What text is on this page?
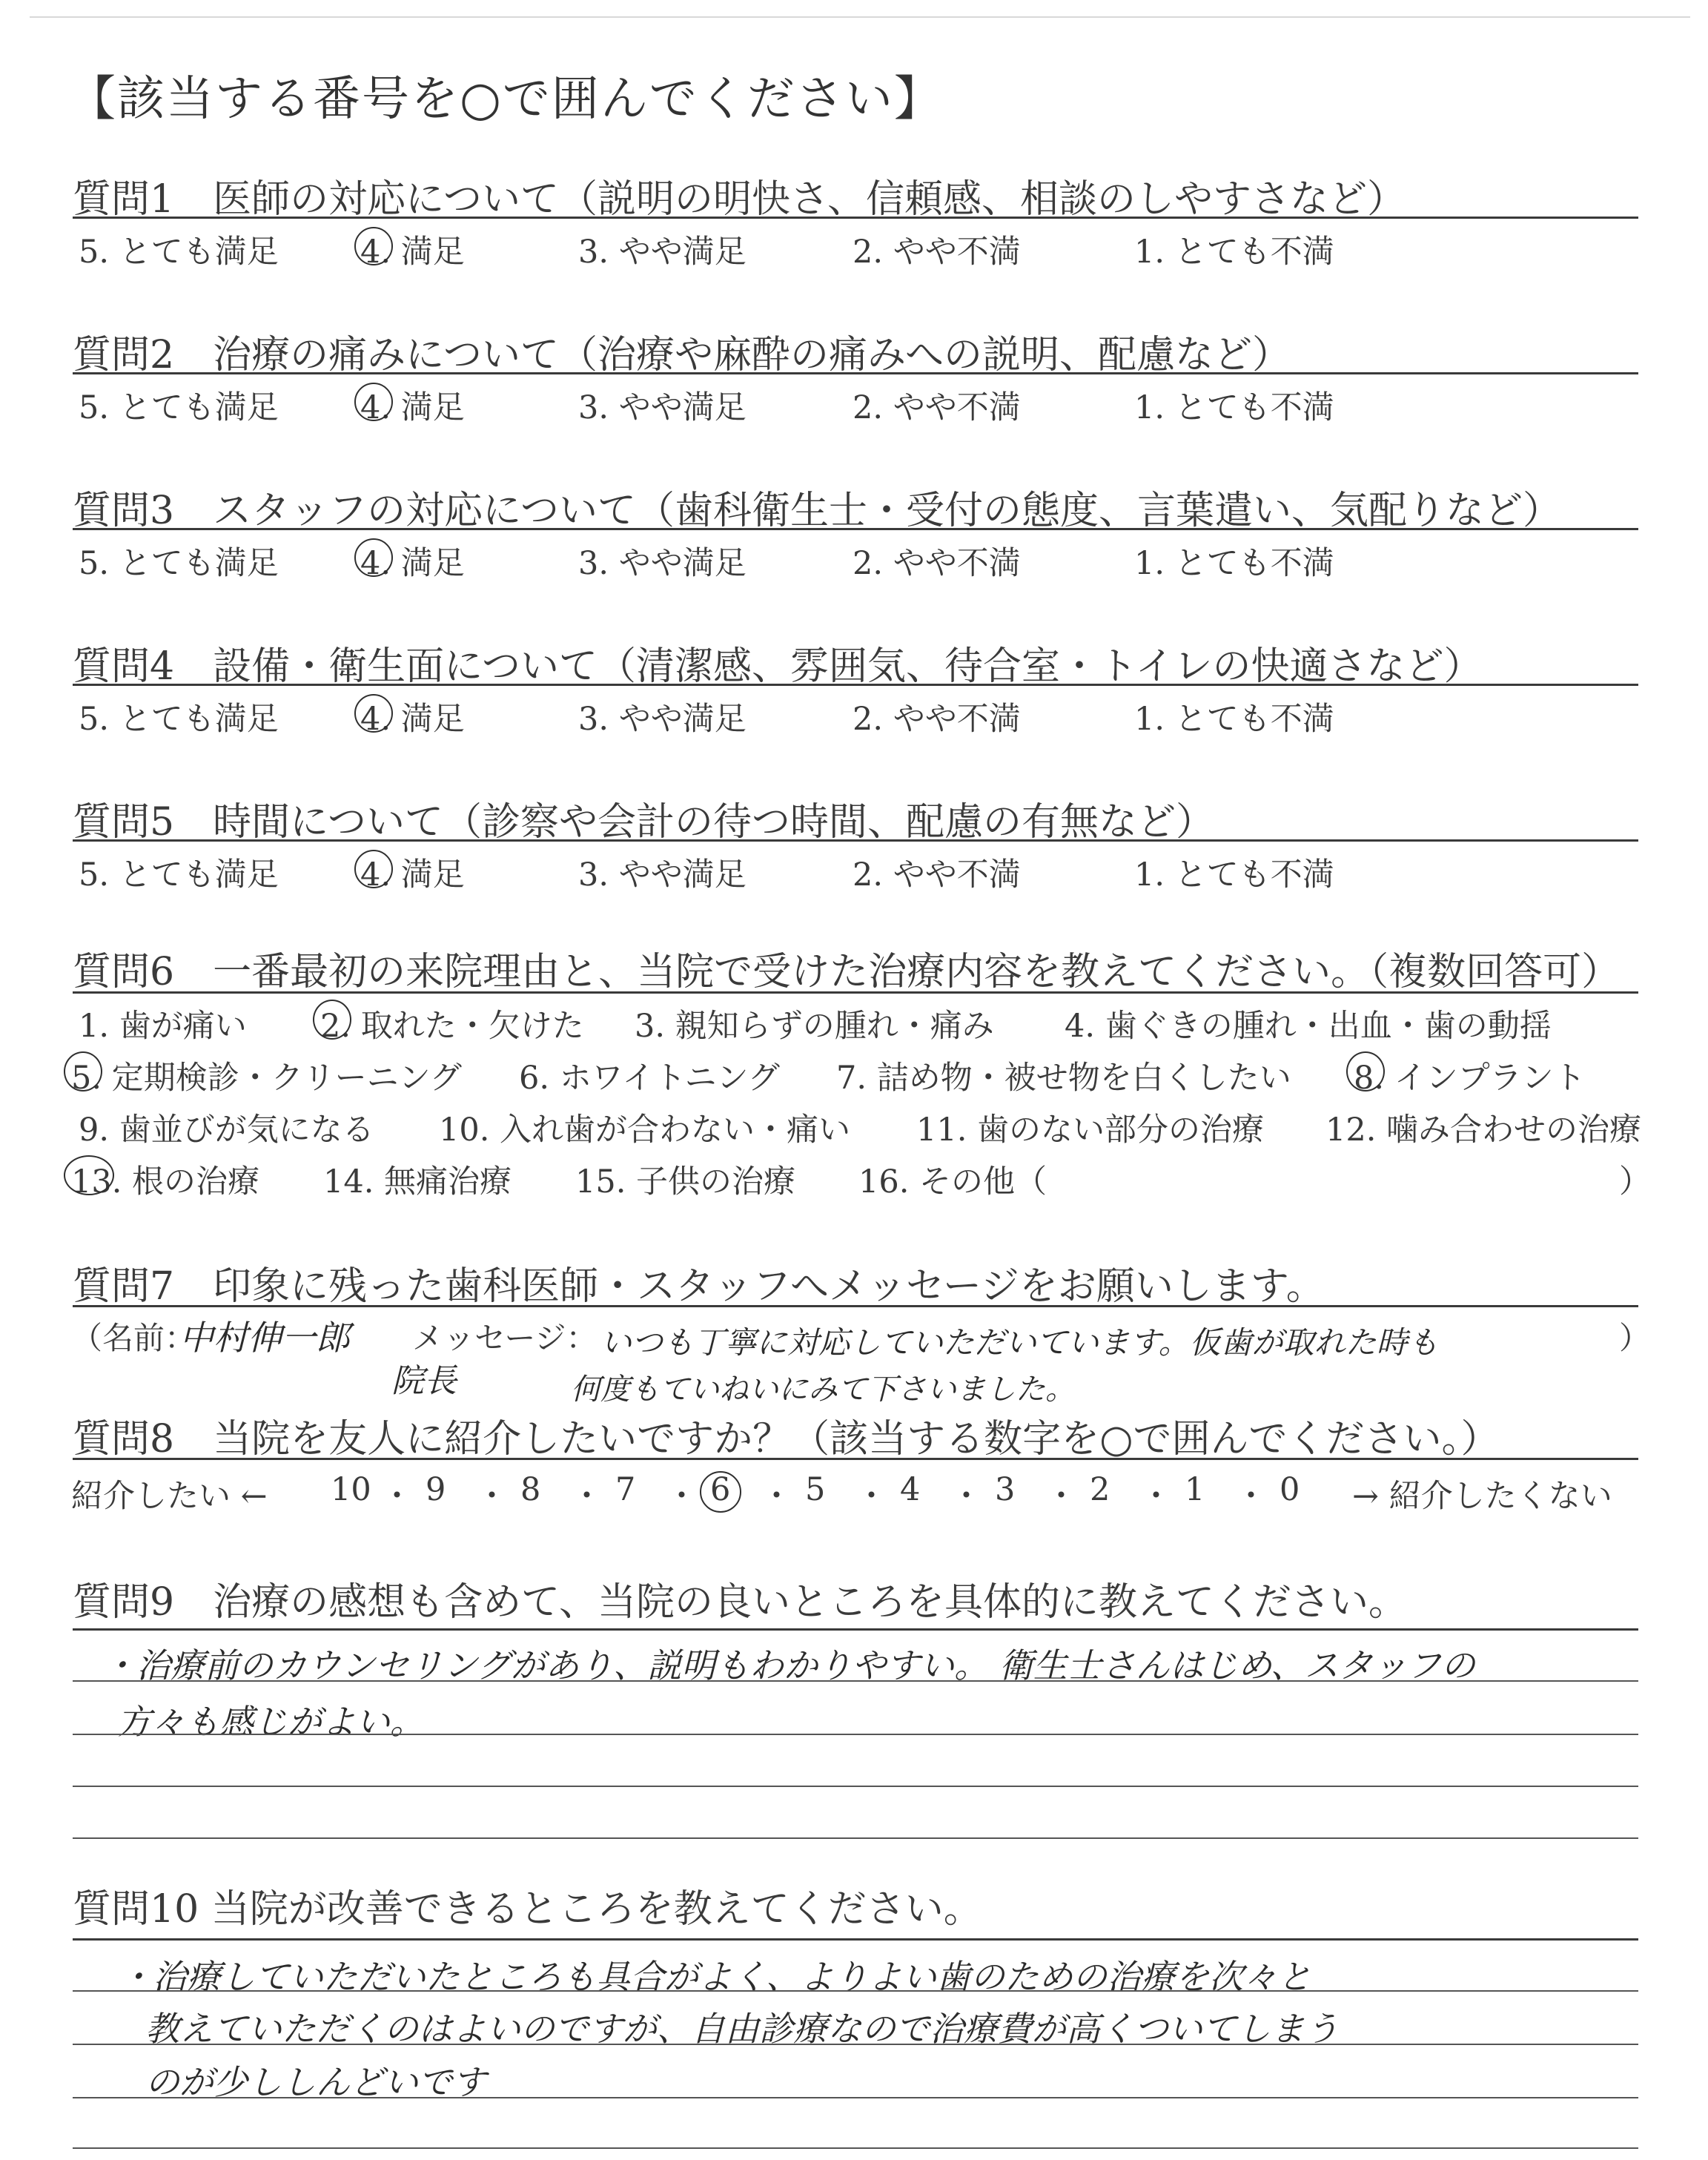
【該当する番号を○で囲んでください】
質問1　医師の対応について（説明の明快さ、信頼感、相談のしやすさなど）
5. とても満足	4. 満足	3. やや満足	2. やや不満	1. とても不満
質問2　治療の痛みについて（治療や麻酔の痛みへの説明、配慮など）
5. とても満足	4. 満足	3. やや満足	2. やや不満	1. とても不満
質問3　スタッフの対応について（歯科衛生士・受付の態度、言葉遣い、気配りなど）
5. とても満足	4. 満足	3. やや満足	2. やや不満	1. とても不満
質問4　設備・衛生面について（清潔感、雰囲気、待合室・トイレの快適さなど）
5. とても満足	4. 満足	3. やや満足	2. やや不満	1. とても不満
質問5　時間について（診察や会計の待つ時間、配慮の有無など）
5. とても満足	4. 満足	3. やや満足	2. やや不満	1. とても不満
質問6　一番最初の来院理由と、当院で受けた治療内容を教えてください。（複数回答可）
1. 歯が痛い 2. 取れた・欠けた 3. 親知らずの腫れ・痛み 4. 歯ぐきの腫れ・出血・歯の動揺
5. 定期検診・クリーニング 6. ホワイトニング 7. 詰め物・被せ物を白くしたい 8. インプラント
9. 歯並びが気になる 10. 入れ歯が合わない・痛い 11. 歯のない部分の治療 12. 噛み合わせの治療
13. 根の治療 14. 無痛治療 15. 子供の治療 16. その他（	）
質問7　印象に残った歯科医師・スタッフへメッセージをお願いします。
（名前：
中村伸一郎
院長
メッセージ： いつも丁寧に対応していただいています。仮歯が取れた時も
何度もていねいにみて下さいました。
）
質問8　当院を友人に紹介したいですか？（該当する数字を○で囲んでください。）
紹介したい ← 10 ・ 9 ・ 8 ・ 7 ・ 6 ・ 5 ・ 4 ・ 3 ・ 2 ・ 1 ・ 0 → 紹介したくない
質問9　治療の感想も含めて、当院の良いところを具体的に教えてください。
・治療前のカウンセリングがあり、説明もわかりやすい。 衛生士さんはじめ、スタッフの
方々も感じがよい。
質問10 当院が改善できるところを教えてください。
・治療していただいたところも具合がよく、よりよい歯のための治療を次々と
教えていただくのはよいのですが、自由診療なので治療費が高くついてしまう
のが少ししんどいです
